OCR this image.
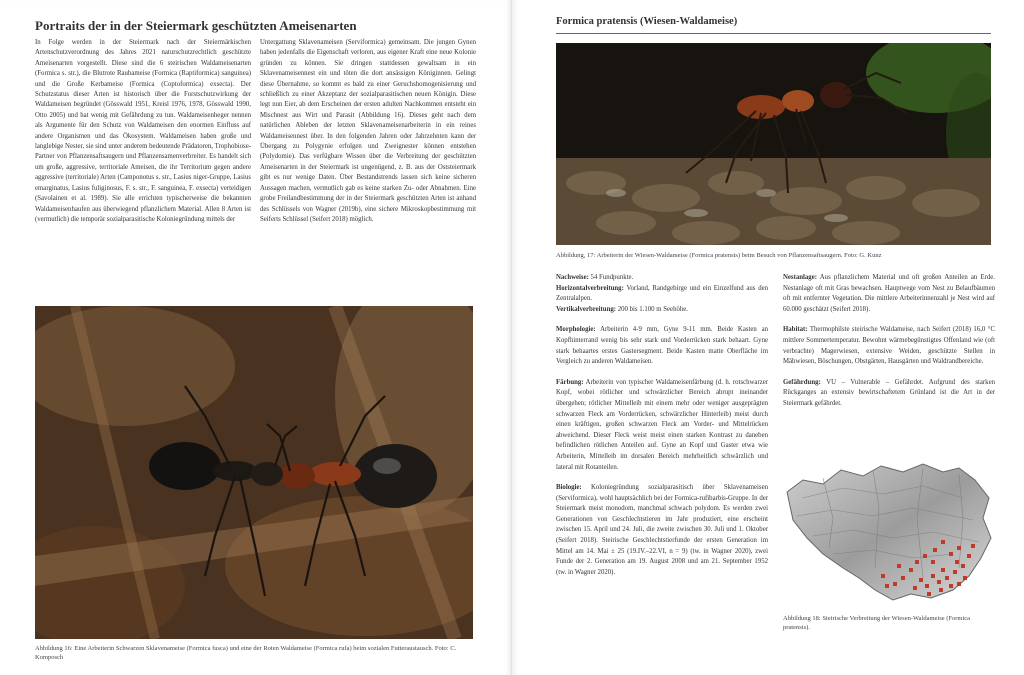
Portraits der in der Steiermark geschützten Ameisenarten

In Folge werden in der Steiermark nach der Steiermärkischen Artenschutzverordnung des Jahres 2021 naturschutzrechtlich geschützte Ameisenarten vorgestellt. Diese sind die 6 steirischen Waldameisenarten (Formica s. str.), die Blutrote Raubameise (Formica (Raptiformica) sanguinea) und die Große Kerbameise (Formica (Coptoformica) exsecta). Der Schutzstatus dieser Arten ist historisch über die Forstschutzwirkung der Waldameisen begründet (Gösswald 1951, Kreisl 1976, 1978, Gösswald 1990, Otto 2005) und hat wenig mit Gefährdung zu tun. Waldameisenheger nennen als Argumente für den Schutz von Waldameisen den enormen Einfluss auf andere Organismen und das Ökosystem. Waldameisen haben große und langlebige Nester, sie sind unter anderem bedeutende Prädatoren, Trophobiose-Partner von Pflanzensaftsaugern und Pflanzensamenverbreiter. Es handelt sich um große, aggressive, territoriale Ameisen, die ihr Territorium gegen andere aggressive (territoriale) Arten (Camponotus s. str., Lasius niger-Gruppe, Lasius emarginatus, Lasius fuliginosus, F. s. str., F. sanguinea, F. exsecta) verteidigen (Savolainen et al. 1989). Sie alle errichten typischerweise die bekannten Waldameisenhaufen aus überwiegend pflanzlichem Material. Allen 8 Arten ist (vermutlich) die temporär sozialparasitische Koloniegründung mittels der

Untergattung Sklavenameisen (Serviformica) gemeinsam. Die jungen Gynen haben jedenfalls die Eigenschaft verloren, aus eigener Kraft eine neue Kolonie gründen zu können. Sie dringen stattdessen gewaltsam in ein Sklavenameisennest ein und töten die dort ansässigen Königinnen. Gelingt diese Übernahme, so kommt es bald zu einer Geruchshomogenisierung und schließlich zu einer Akzeptanz der sozialparasitischen neuen Königin. Diese legt nun Eier, ab dem Erscheinen der ersten adulten Nachkommen entsteht ein Mischnest aus Wirt und Parasit (Abbildung 16). Dieses geht nach dem natürlichen Ableben der letzten Sklavenameisenarbeiterin in ein reines Waldameisennest über. In den folgenden Jahren oder Jahrzehnten kann der Übergang zu Polygynie erfolgen und Zweignester können entstehen (Polydomie). Das verfügbare Wissen über die Verbreitung der geschützten Ameisenarten in der Steiermark ist ungenügend, z. B. aus der Oststeiermark gibt es nur wenige Daten. Über Bestandstrends lassen sich keine sicheren Aussagen machen, vermutlich gab es keine starken Zu- oder Abnahmen. Eine grobe Freilandbestimmung der in der Steiermark geschützten Arten ist anhand des Schlüssels von Wagner (2019b), eine sichere Mikroskopbestimmung mit Seiferts Schlüssel (Seifert 2018) möglich.

Abbildung 16: Eine Arbeiterin Schwarzen Sklavenameise (Formica fusca) und eine der Roten Waldameise (Formica rufa) beim sozialen Futteraustausch. Foto: C. Komposch
Formica pratensis (Wiesen-Waldameise)
Abbildung, 17: Arbeiterin der Wiesen-Waldameise (Formica pratensis) beim Besuch von Pflanzensaftsaugern. Foto: G. Kunz
Nachweise: 54 Fundpunkte.
Horizontalverbreitung: Vorland, Randgebirge und ein Einzelfund aus den Zentralalpen.
Vertikalverbreitung: 200 bis 1.100 m Seehöhe.
Morphologie: Arbeiterin 4-9 mm, Gyne 9-11 mm. Beide Kasten an Kopfhinterrand wenig bis sehr stark und Vorderrücken stark behaart. Gyne stark behaartes erstes Gastersegment. Beide Kasten matte Oberfläche im Vergleich zu anderen Waldameisen.
Färbung: Arbeiterin von typischer Waldameisenfärbung (d. h. rotschwarzer Kopf, wobei rötlicher und schwärzlicher Bereich abrupt ineinander übergehen; rötlicher Mittelleib mit einem mehr oder weniger ausgeprägten schwarzen Fleck am Vorderrücken, schwärzlicher Hinterleib) meist durch einen kräftigen, großen schwarzen Fleck am Vorder- und Mittelrücken abweichend. Dieser Fleck weist meist einen starken Kontrast zu daneben befindlichen rötlichen Anteilen auf. Gyne an Kopf und Gaster etwa wie Arbeiterin, Mittelleib im dorsalen Bereich mehrheitlich schwärzlich und lateral mit Rotanteilen.
Biologie: Koloniegründung sozialparasitisch über Sklavenameisen (Serviformica), wohl hauptsächlich bei der Formica-rufibarbis-Gruppe. In der Steiermark meist monodom, manchmal schwach polydom. Es werden zwei Generationen von Geschlechtstieren im Jahr produziert, eine erscheint zwischen 15. April und 24. Juli, die zweite zwischen 30. Juli und 1. Oktober (Seifert 2018). Steirische Geschlechtstierfunde der ersten Generation im Mittel am 14. Mai ± 25 (19.IV.–22.VI, n = 9) (tw. in Wagner 2020), zwei Funde der 2. Generation am 19. August 2008 und am 21. September 1952 (tw. in Wagner 2020).
Nestanlage: Aus pflanzlichem Material und oft großen Anteilen an Erde. Nestanlage oft mit Gras bewachsen. Hauptwege vom Nest zu Belaufbäumen oft mit entfernter Vegetation. Die mittlere Arbeiterinnenzahl je Nest wird auf 60.000 geschätzt (Seifert 2018).
Habitat: Thermophilste steirische Waldameise, nach Seifert (2018) 16,0 °C mittlere Sommertemperatur. Bewohnt wärmebegünstigtes Offenland wie (oft verbrachte) Magerwiesen, extensive Weiden, geschützte Stellen in Mähwiesen, Böschungen, Obstgärten, Hausgärten und Waldrandbereiche.
Gefährdung: VU – Vulnerable – Gefährdet. Aufgrund des starken Rückganges an extensiv bewirtschaftetem Grünland ist die Art in der Steiermark gefährdet.
Abbildung 18: Steirische Verbreitung der Wiesen-Waldameise (Formica pratensis).
